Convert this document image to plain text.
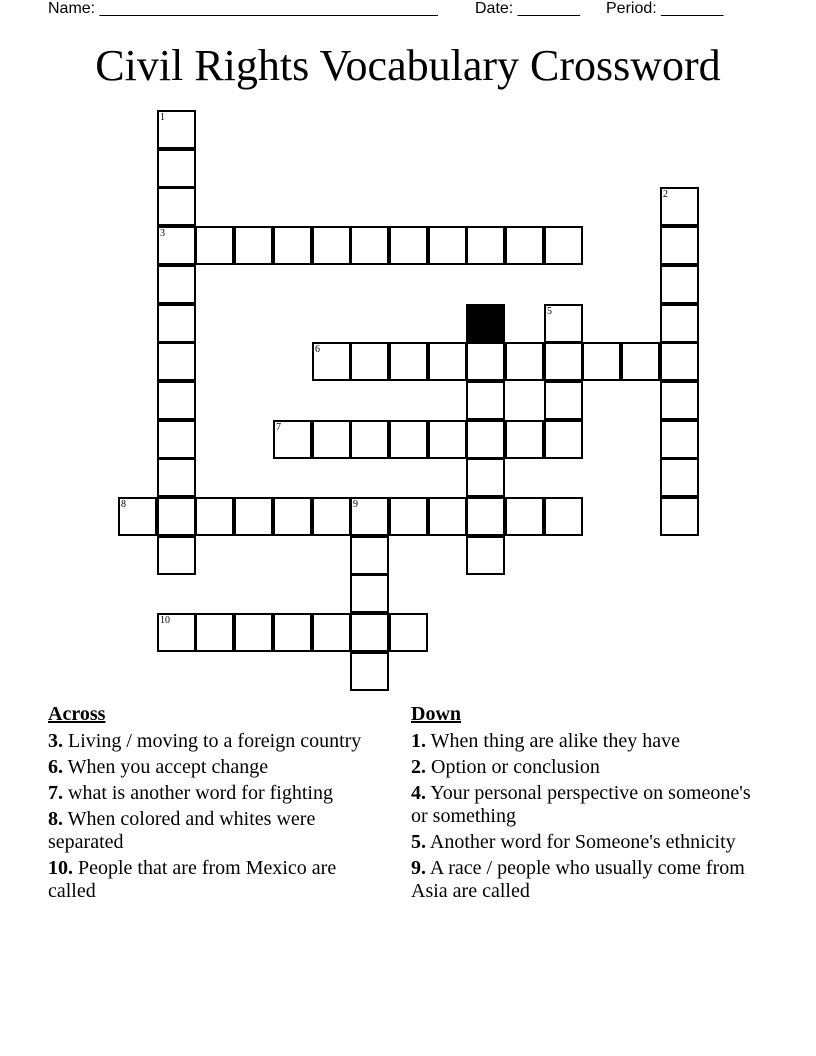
Name: ______________________________________

Date: _______

Period: _______

Civil Rights Vocabulary Crossword
1
3
2
4	5
6
7
8	9
10
Across
3. Living / moving to a foreign country
6. When you accept change
7. what is another word for fighting
8. When colored and whites were separated
10. People that are from Mexico are called
Down
1. When thing are alike they have
2. Option or conclusion
4. Your personal perspective on someone's or something
5. Another word for Someone's ethnicity
9. A race / people who usually come from Asia are called
